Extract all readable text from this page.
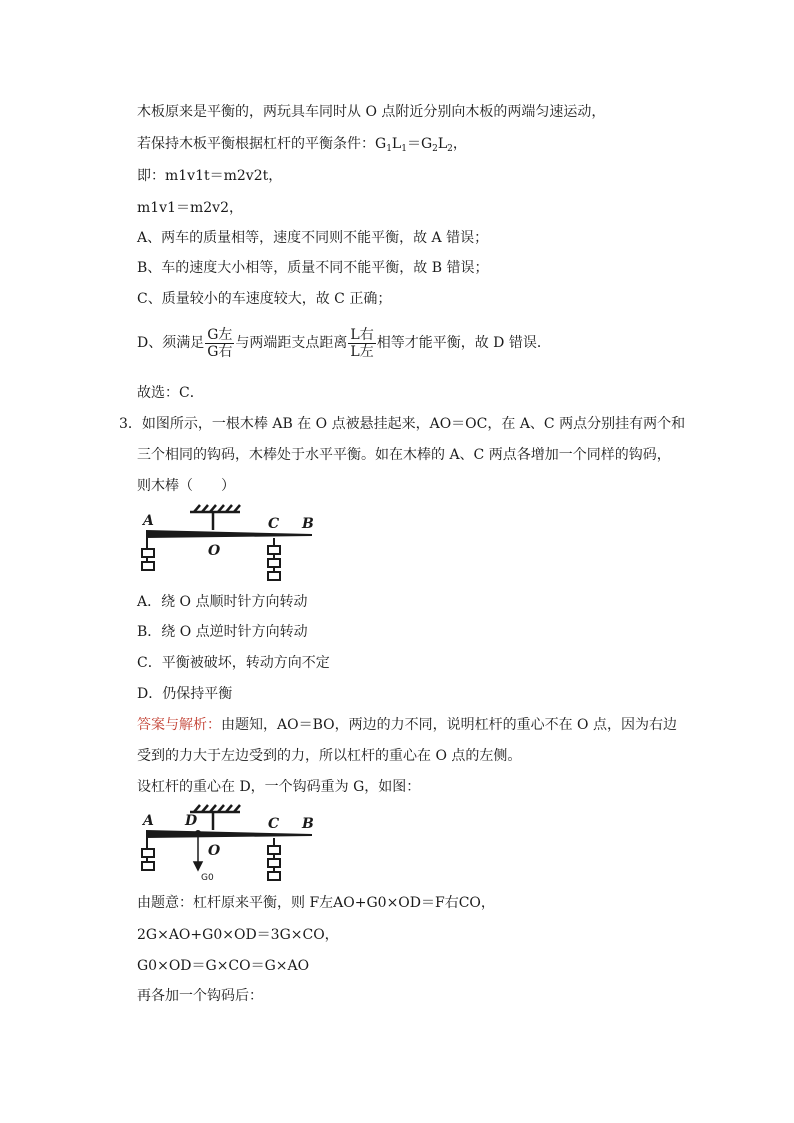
木板原来是平衡的，两玩具车同时从 O 点附近分别向木板的两端匀速运动，
若保持木板平衡根据杠杆的平衡条件：$G_1L_1=G_2L_2$，
即：m1v1t＝m2v2t，
m1v1＝m2v2，
A、两车的质量相等，速度不同则不能平衡，故 A 错误；
B、车的速度大小相等，质量不同不能平衡，故 B 错误；
C、质量较小的车速度较大，故 C 正确；
D、须满足 $\frac{\text{G左}}{\text{G右}}$ 与两端距支点距离 $\frac{\text{L右}}{\text{L左}}$ 相等才能平衡，故 D 错误．
故选：C．
3．如图所示，一根木棒 AB 在 O 点被悬挂起来，AO＝OC，在 A、C 两点分别挂有两个和
三个相同的钩码，木棒处于水平平衡。如在木棒的 A、C 两点各增加一个同样的钩码，
则木棒（　　）
A
O
C B
A．绕 O 点顺时针方向转动
B．绕 O 点逆时针方向转动
C．平衡被破坏，转动方向不定
D．仍保持平衡
答案与解析：由题知，AO＝BO，两边的力不同，说明杠杆的重心不在 O 点，因为右边
受到的力大于左边受到的力，所以杠杆的重心在 O 点的左侧。
设杠杆的重心在 D，一个钩码重为 G，如图：
A D
O
C B
G0
由题意：杠杆原来平衡，则 F左AO+G0×OD＝F右CO，
2G×AO+G0×OD＝3G×CO，
G0×OD＝G×CO＝G×AO
再各加一个钩码后：
